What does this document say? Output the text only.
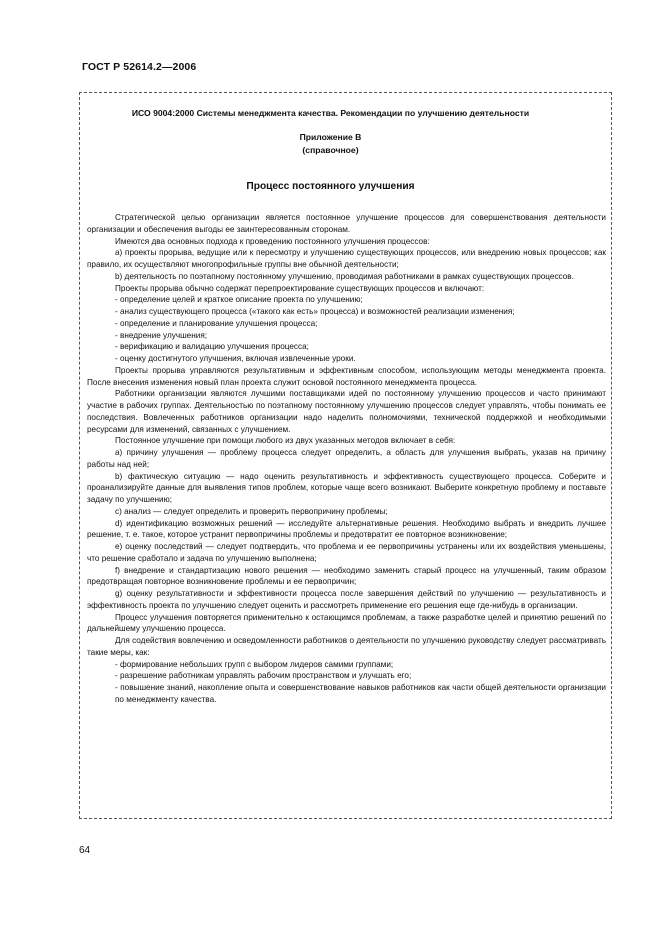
ГОСТ Р 52614.2—2006
ИСО 9004:2000 Системы менеджмента качества. Рекомендации по улучшению деятельности
Приложение В
(справочное)
Процесс постоянного улучшения

Стратегической целью организации является постоянное улучшение процессов для совершенствования деятельности организации и обеспечения выгоды ее заинтересованным сторонам.

Имеются два основных подхода к проведению постоянного улучшения процессов:

а) проекты прорыва, ведущие или к пересмотру и улучшению существующих процессов, или внедрению новых процессов; как правило, их осуществляют многопрофильные группы вне обычной деятельности;

b) деятельность по поэтапному постоянному улучшению, проводимая работниками в рамках существующих процессов.

Проекты прорыва обычно содержат перепроектирование существующих процессов и включают:

- определение целей и краткое описание проекта по улучшению;

- анализ существующего процесса («такого как есть» процесса) и возможностей реализации изменения;

- определение и планирование улучшения процесса;

- внедрение улучшения;

- верификацию и валидацию улучшения процесса;

- оценку достигнутого улучшения, включая извлеченные уроки.

Проекты прорыва управляются результативным и эффективным способом, использующим методы менеджмента проекта. После внесения изменения новый план проекта служит основой постоянного менеджмента процесса.

Работники организации являются лучшими поставщиками идей по постоянному улучшению процессов и часто принимают участие в рабочих группах. Деятельностью по поэтапному постоянному улучшению процессов следует управлять, чтобы понимать ее последствия. Вовлеченных работников организации надо наделить полномочиями, технической поддержкой и необходимыми ресурсами для изменений, связанных с улучшением.

Постоянное улучшение при помощи любого из двух указанных методов включает в себя:

а) причину улучшения — проблему процесса следует определить, а область для улучшения выбрать, указав на причину работы над ней;

b) фактическую ситуацию — надо оценить результативность и эффективность существующего процесса. Соберите и проанализируйте данные для выявления типов проблем, которые чаще всего возникают. Выберите конкретную проблему и поставьте задачу по улучшению;

с) анализ — следует определить и проверить первопричину проблемы;

d) идентификацию возможных решений — исследуйте альтернативные решения. Необходимо выбрать и внедрить лучшее решение, т. е. такое, которое устранит первопричины проблемы и предотвратит ее повторное возникновение;

е) оценку последствий — следует подтвердить, что проблема и ее первопричины устранены или их воздействия уменьшены, что решение сработало и задача по улучшению выполнена;

f) внедрение и стандартизацию нового решения — необходимо заменить старый процесс на улучшенный, таким образом предотвращая повторное возникновение проблемы и ее первопричин;

g) оценку результативности и эффективности процесса после завершения действий по улучшению — результативность и эффективность проекта по улучшению следует оценить и рассмотреть применение его решения еще где-нибудь в организации.

Процесс улучшения повторяется применительно к остающимся проблемам, а также разработке целей и принятию решений по дальнейшему улучшению процесса.

Для содействия вовлечению и осведомленности работников о деятельности по улучшению руководству следует рассматривать такие меры, как:

- формирование небольших групп с выбором лидеров самими группами;

- разрешение работникам управлять рабочим пространством и улучшать его;

- повышение знаний, накопление опыта и совершенствование навыков работников как части общей деятельности организации по менеджменту качества.

64
